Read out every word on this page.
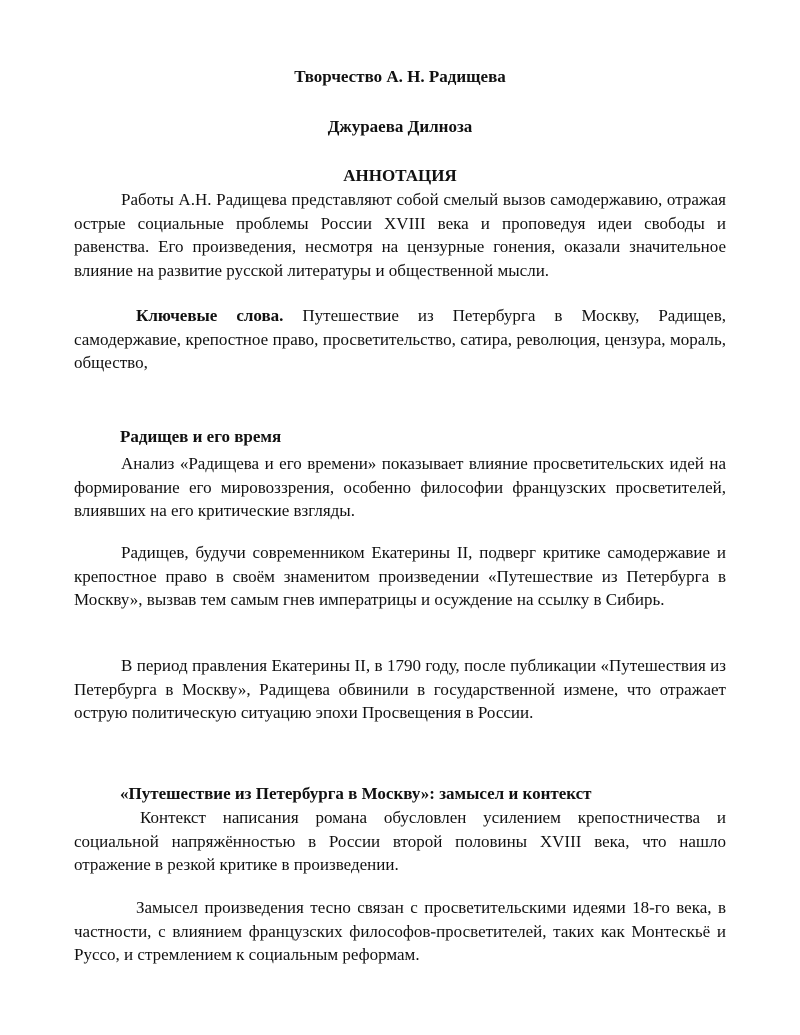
Творчество А. Н. Радищева
Джураева Дилноза
АННОТАЦИЯ
Работы А.Н. Радищева представляют собой смелый вызов самодержавию, отражая острые социальные проблемы России XVIII века и проповедуя идеи свободы и равенства. Его произведения, несмотря на цензурные гонения, оказали значительное влияние на развитие русской литературы и общественной мысли.
Ключевые слова. Путешествие из Петербурга в Москву, Радищев, самодержавие, крепостное право, просветительство, сатира, революция, цензура, мораль, общество,
Радищев и его время
Анализ «Радищева и его времени» показывает влияние просветительских идей на формирование его мировоззрения, особенно философии французских просветителей, влиявших на его критические взгляды.
Радищев, будучи современником Екатерины II, подверг критике самодержавие и крепостное право в своём знаменитом произведении «Путешествие из Петербурга в Москву», вызвав тем самым гнев императрицы и осуждение на ссылку в Сибирь.
В период правления Екатерины II, в 1790 году, после публикации «Путешествия из Петербурга в Москву», Радищева обвинили в государственной измене, что отражает острую политическую ситуацию эпохи Просвещения в России.
«Путешествие из Петербурга в Москву»: замысел и контекст
Контекст написания романа обусловлен усилением крепостничества и социальной напряжённостью в России второй половины XVIII века, что нашло отражение в резкой критике в произведении.
Замысел произведения тесно связан с просветительскими идеями 18-го века, в частности, с влиянием французских философов-просветителей, таких как Монтескьё и Руссо, и стремлением к социальным реформам.
